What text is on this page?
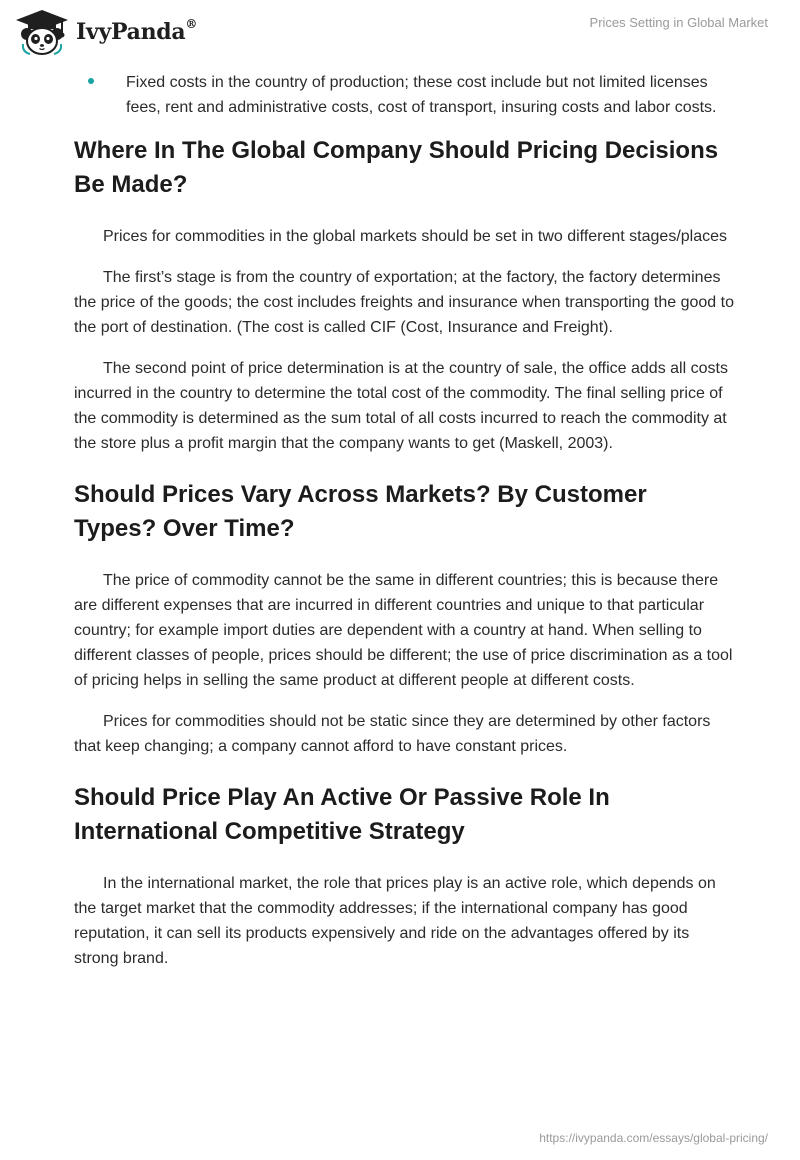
IvyPanda®	Prices Setting in Global Market
Fixed costs in the country of production; these cost include but not limited licenses fees, rent and administrative costs, cost of transport, insuring costs and labor costs.
Where In The Global Company Should Pricing Decisions Be Made?

Prices for commodities in the global markets should be set in two different stages/places

The first’s stage is from the country of exportation; at the factory, the factory determines the price of the goods; the cost includes freights and insurance when transporting the good to the port of destination. (The cost is called CIF (Cost, Insurance and Freight).

The second point of price determination is at the country of sale, the office adds all costs incurred in the country to determine the total cost of the commodity. The final selling price of the commodity is determined as the sum total of all costs incurred to reach the commodity at the store plus a profit margin that the company wants to get (Maskell, 2003).

Should Prices Vary Across Markets? By Customer Types? Over Time?

The price of commodity cannot be the same in different countries; this is because there are different expenses that are incurred in different countries and unique to that particular country; for example import duties are dependent with a country at hand. When selling to different classes of people, prices should be different; the use of price discrimination as a tool of pricing helps in selling the same product at different people at different costs.

Prices for commodities should not be static since they are determined by other factors that keep changing; a company cannot afford to have constant prices.

Should Price Play An Active Or Passive Role In International Competitive Strategy

In the international market, the role that prices play is an active role, which depends on the target market that the commodity addresses; if the international company has good reputation, it can sell its products expensively and ride on the advantages offered by its strong brand.

https://ivypanda.com/essays/global-pricing/
